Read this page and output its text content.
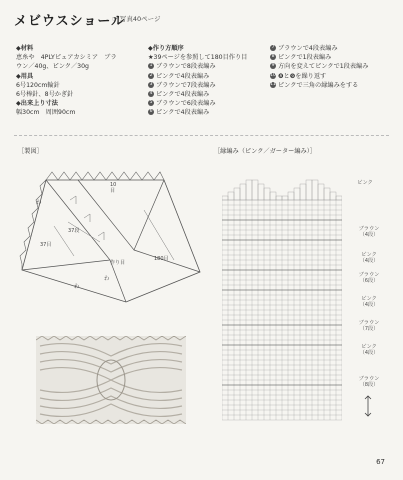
メビウスショール
☞ 写真40ページ
◆材料
恵糸や　4PLYピュアカシミア　ブラ
ウン／40g、ピンク／30g
◆用具
6号120cm輪針
6号棒針、8号かぎ針
◆出来上り寸法
幅30cm　周囲90cm
◆作り方順序
★39ページを参照して180目作り目
1 ブラウンで8段表編み
2 ピンクで4段表編み
3 ブラウンで7段表編み
4 ピンクで4段表編み
5 ブラウンで6段表編み
6 ピンクで4段表編み
7 ブラウンで4段表編み
8 ピンクで1段表編み
9 方向を変えてピンクで1段表編み
10 ❽と❾を繰り返す
11 ピンクで三角の縁編みをする
［製図］
わ
わ
わ
10
目
37段
37目
作り目
180目
［縁編み（ピンク／ガーター編み）］
ピンク
ブラウン
（4段）
ピンク
（4段）
ブラウン
（6段）
ピンク
（4段）
ブラウン
（7段）
ピンク
（4段）
ブラウン
（8段）
67
